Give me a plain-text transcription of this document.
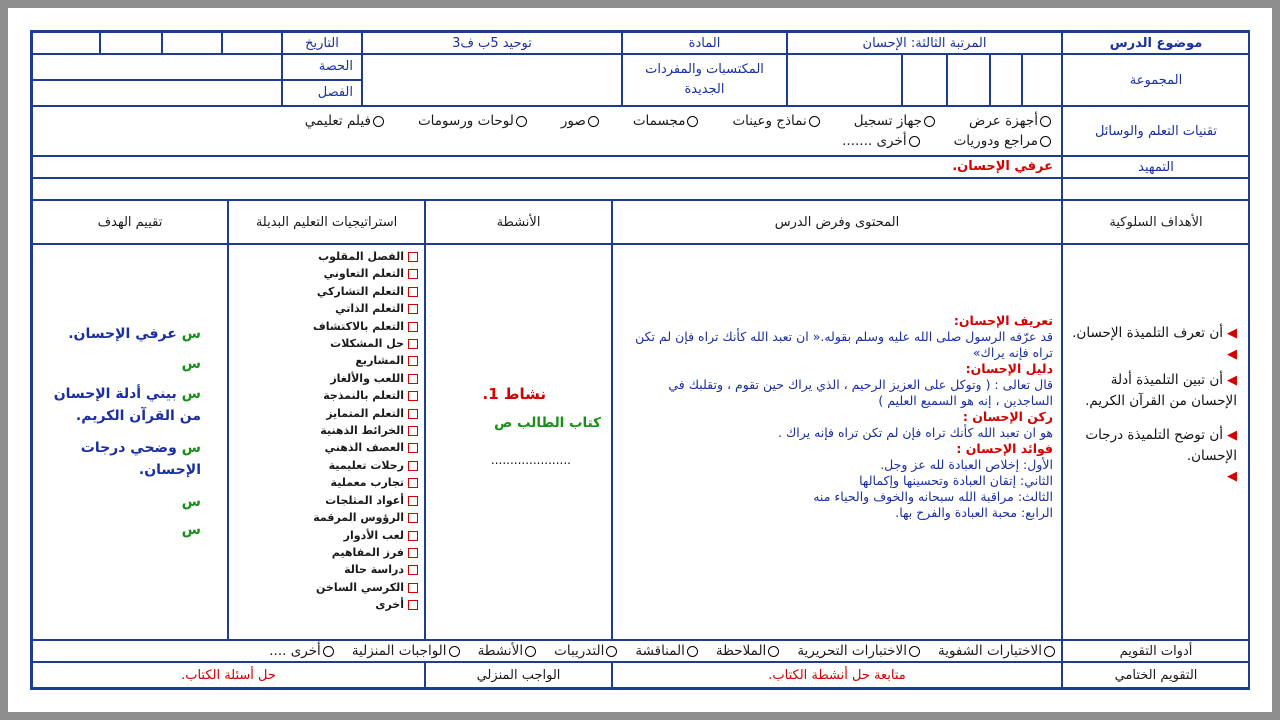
موضوع الدرس
المرتبة الثالثة: الإحسان
المادة
توحيد 5ب ف3
التاريخ
المجموعة
المكتسبات والمفردات الجديدة
الحصة
الفصل
تقنيات التعلم والوسائل
أجهزة عرضجهاز تسجيلنماذج وعيناتمجسماتصورلوحات ورسوماتفيلم تعليمي
مراجع ودورياتأخرى .......
التمهيد
عرفي الإحسان.
الأهداف السلوكية
المحتوى وفرض الدرس
الأنشطة
استراتيجيات التعليم البديلة
تقييم الهدف
◀أن تعرف التلميذة الإحسان.
◀
◀أن تبين التلميذة أدلة الإحسان من القرآن الكريم.
◀أن توضح التلميذة درجات الإحسان.
◀
تعريف الإحسان:
قد عرّفه الرسول صلى الله عليه وسلم بقوله.« ان تعبد الله كأنك تراه فإن لم تكن تراه فإنه يراك»
دليل الإحسان:
قال تعالى : ( وتوكل على العزيز الرحيم ، الذي يراك حين تقوم ، وتقلبك في الساجدين ، إنه هو السميع العليم )
ركن الإحسان :
هو ان تعبد الله كأنك تراه فإن لم تكن تراه فإنه يراك .
فوائد الإحسان :
الأول: إخلاص العبادة لله عز وجل.
الثاني: إتقان العبادة وتحسينها وإكمالها
الثالث: مراقبة الله سبحانه والخوف والحياء منه
الرابع: محبة العبادة والفرح بها.
نشاط 1.
كتاب الطالب ص
.....................
الفصل المقلوب
التعلم التعاوني
التعلم التشاركي
التعلم الذاتي
التعلم بالاكتشاف
حل المشكلات
المشاريع
اللعب والألغاز
التعلم بالنمذجة
التعلم المتمايز
الخرائط الذهنية
العصف الذهني
رحلات تعليمية
تجارب معملية
أعواد المثلجات
الرؤوس المرقمة
لعب الأدوار
فرز المفاهيم
دراسة حالة
الكرسي الساخن
أخرى
س عرفي الإحسان.
س
س بيني أدلة الإحسان من القرآن الكريم.
س وضحي درجات الإحسان.
س
س
أدوات التقويم
الاختبارات الشفويةالاختبارات التحريريةالملاحظةالمناقشةالتدريباتالأنشطةالواجبات المنزليةأخرى ....
التقويم الختامي
متابعة حل أنشطة الكتاب.
الواجب المنزلي
حل أسئلة الكتاب.
